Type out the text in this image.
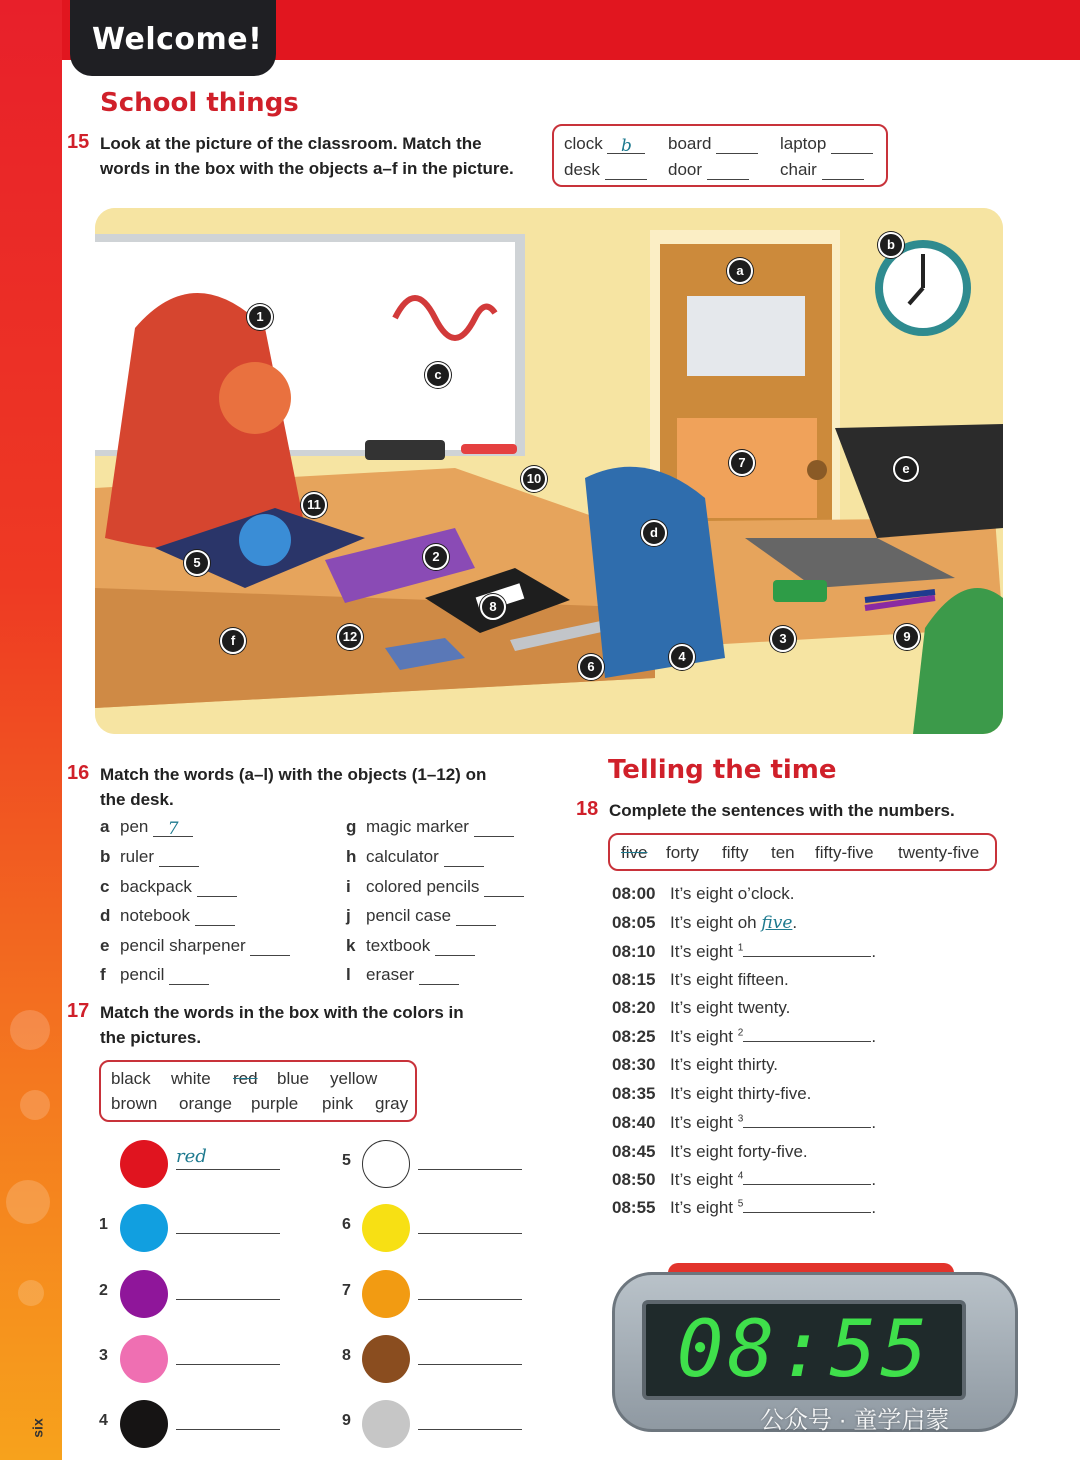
Welcome!
six
School things
15 Look at the picture of the classroom. Match the
words in the box with the objects a–f in the picture.
clock b	board	laptop
desk	door	chair
a
b
c
d
e
f
1
2
3
4
5
6
7
8
9
10
11
12
16 Match the words (a–l) with the objects (1–12) on
the desk.
a pen 7
b ruler
c backpack
d notebook
e pencil sharpener
f pencil
g magic marker
h calculator
i colored pencils
j pencil case
k textbook
l eraser
17 Match the words in the box with the colors in
the pictures.
black white red blue yellow
brown orange purple pink gray
red
1
2
3
4
5
6
7
8
9
Telling the time
18 Complete the sentences with the numbers.
five forty fifty ten fifty-five twenty-five
08:00 It’s eight o’clock.
08:05 It’s eight oh five.
08:10 It’s eight $^1$	.
08:15 It’s eight fifteen.
08:20 It’s eight twenty.
08:25 It’s eight $^2$	.
08:30 It’s eight thirty.
08:35 It’s eight thirty-five.
08:40 It’s eight $^3$	.
08:45 It’s eight forty-five.
08:50 It’s eight $^4$	.
08:55 It’s eight $^5$	.
08:55
公众号 · 童学启蒙
